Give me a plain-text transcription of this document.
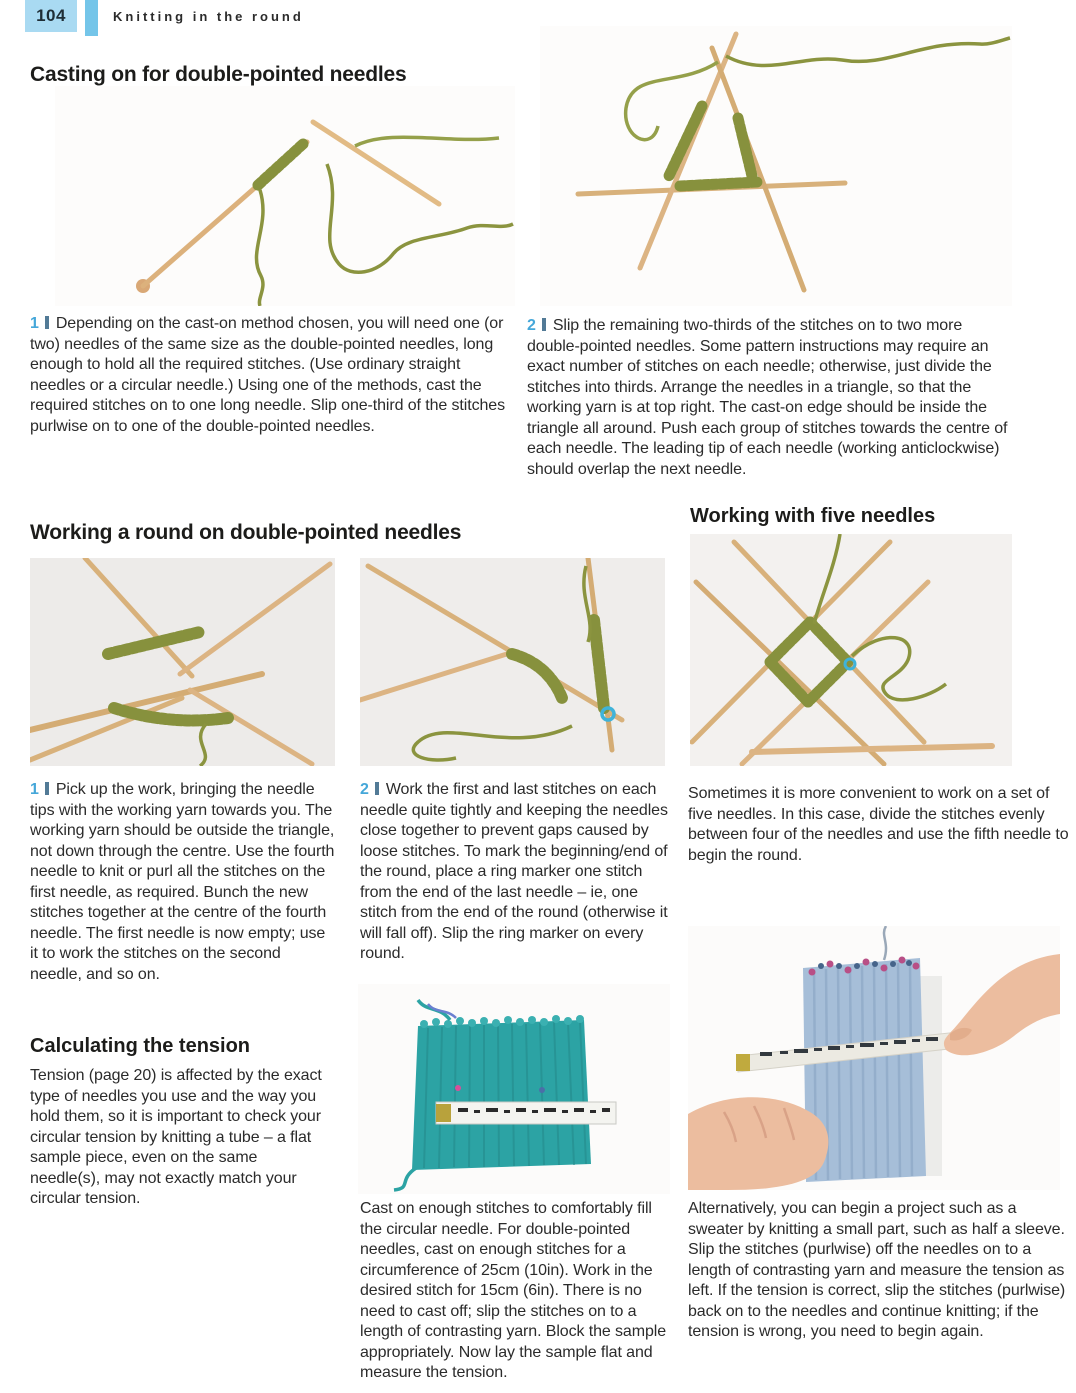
104	Knitting in the round
Casting on for double-pointed needles

1 Depending on the cast-on method chosen, you will need one (or two) needles of the same size as the double-pointed needles, long enough to hold all the required stitches. (Use ordinary straight needles or a circular needle.) Using one of the methods, cast the required stitches on to one long needle. Slip one-third of the stitches purlwise on to one of the double-pointed needles.

2 Slip the remaining two-thirds of the stitches on to two more double-pointed needles. Some pattern instructions may require an exact number of stitches on each needle; otherwise, just divide the stitches into thirds. Arrange the needles in a triangle, so that the working yarn is at top right. The cast-on edge should be inside the triangle all around. Push each group of stitches towards the centre of each needle. The leading tip of each needle (working anticlockwise) should overlap the next needle.

Working with five needles
Working a round on double-pointed needles

1 Pick up the work, bringing the needle tips with the working yarn towards you. The working yarn should be outside the triangle, not down through the centre. Use the fourth needle to knit or purl all the stitches on the first needle, as required. Bunch the new stitches together at the centre of the fourth needle. The first needle is now empty; use it to work the stitches on the second needle, and so on.

2 Work the first and last stitches on each needle quite tightly and keeping the needles close together to prevent gaps caused by loose stitches. To mark the beginning/end of the round, place a ring marker one stitch from the end of the last needle – ie, one stitch from the end of the round (otherwise it will fall off). Slip the ring marker on every round.

Sometimes it is more convenient to work on a set of five needles. In this case, divide the stitches evenly between four of the needles and use the fifth needle to begin the round.

Calculating the tension

Tension (page 20) is affected by the exact type of needles you use and the way you hold them, so it is important to check your circular tension by knitting a tube – a flat sample piece, even on the same needle(s), may not exactly match your circular tension.

Cast on enough stitches to comfortably fill the circular needle. For double-pointed needles, cast on enough stitches for a circumference of 25cm (10in). Work in the desired stitch for 15cm (6in). There is no need to cast off; slip the stitches on to a length of contrasting yarn. Block the sample appropriately. Now lay the sample flat and measure the tension.

Alternatively, you can begin a project such as a sweater by knitting a small part, such as half a sleeve. Slip the stitches (purlwise) off the needles on to a length of contrasting yarn and measure the tension as left. If the tension is correct, slip the stitches (purlwise) back on to the needles and continue knitting; if the tension is wrong, you need to begin again.
